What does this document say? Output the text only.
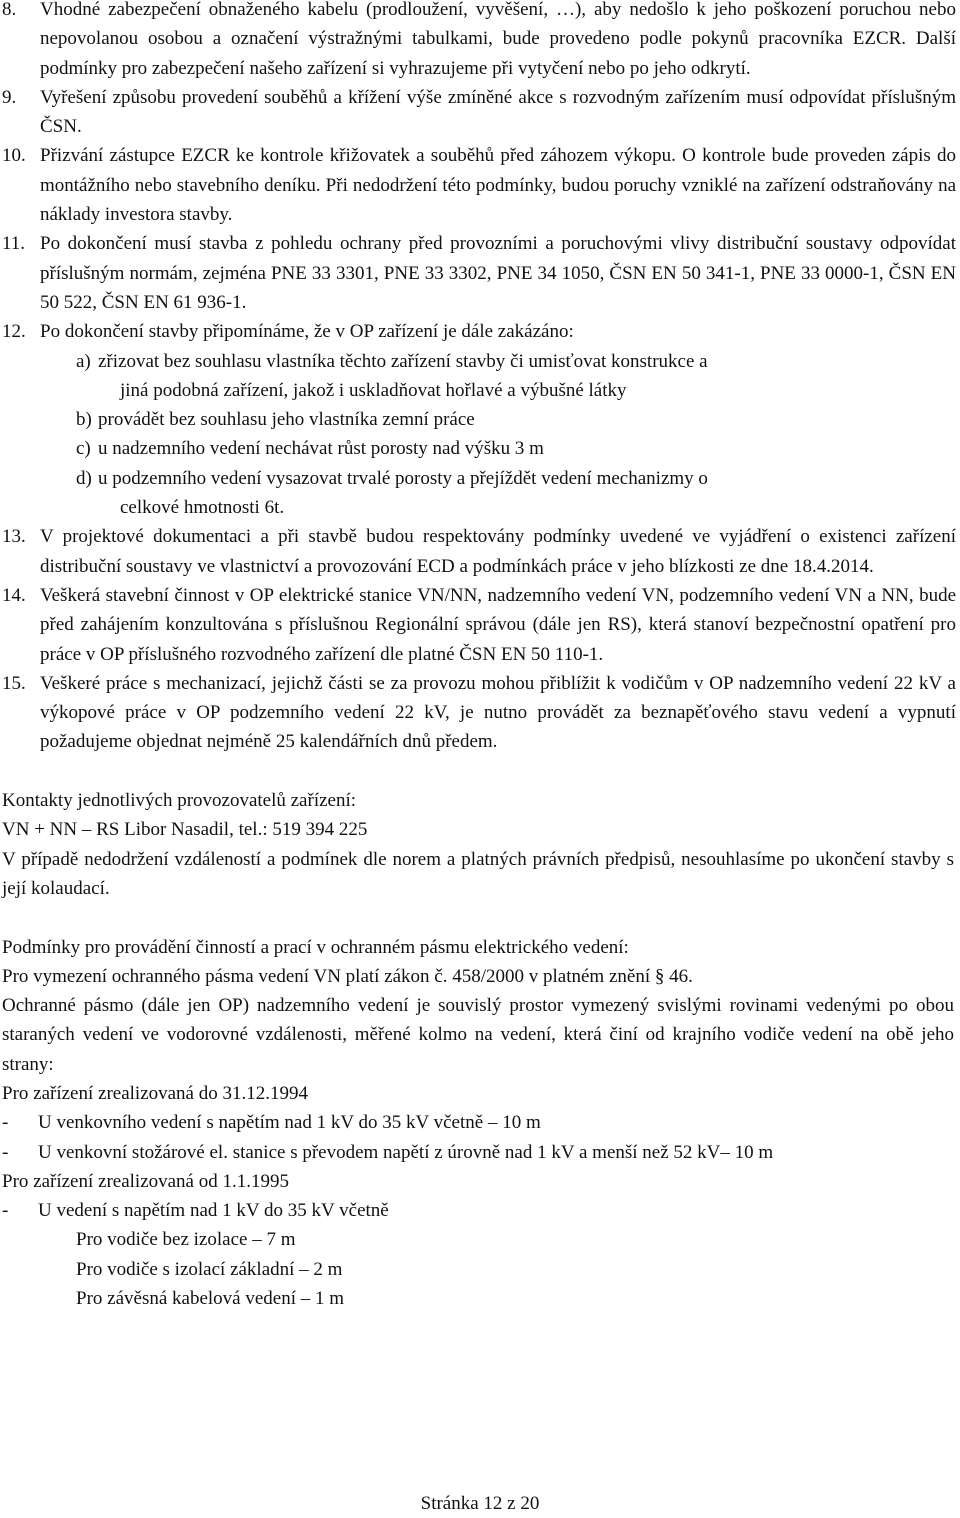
8.	Vhodné zabezpečení obnaženého kabelu (prodloužení, vyvěšení, …), aby nedošlo k jeho poškození poruchou nebo nepovolanou osobou a označení výstražnými tabulkami, bude provedeno podle pokynů pracovníka EZCR. Další podmínky pro zabezpečení našeho zařízení si vyhrazujeme při vytyčení nebo po jeho odkrytí.
9.	Vyřešení způsobu provedení souběhů a křížení výše zmíněné akce s rozvodným zařízením musí odpovídat příslušným ČSN.
10. Přizvání zástupce EZCR ke kontrole křižovatek a souběhů před záhozem výkopu. O kontrole bude proveden zápis do montážního nebo stavebního deníku. Při nedodržení této podmínky, budou poruchy vzniklé na zařízení odstraňovány na náklady investora stavby.
11. Po dokončení musí stavba z pohledu ochrany před provozními a poruchovými vlivy distribuční soustavy odpovídat příslušným normám, zejména PNE 33 3301, PNE 33 3302, PNE 34 1050, ČSN EN 50 341-1, PNE 33 0000-1, ČSN EN 50 522, ČSN EN 61 936-1.
12. Po dokončení stavby připomínáme, že v OP zařízení je dále zakázáno:
a) zřizovat bez souhlasu vlastníka těchto zařízení stavby či umisťovat konstrukce a
jiná podobná zařízení, jakož i uskladňovat hořlavé a výbušné látky
b) provádět bez souhlasu jeho vlastníka zemní práce
c) u nadzemního vedení nechávat růst porosty nad výšku 3 m
d) u podzemního vedení vysazovat trvalé porosty a přejíždět vedení mechanizmy o
celkové hmotnosti 6t.
13. V projektové dokumentaci a při stavbě budou respektovány podmínky uvedené ve vyjádření o existenci zařízení distribuční soustavy ve vlastnictví a provozování ECD a podmínkách práce v jeho blízkosti ze dne 18.4.2014.
14. Veškerá stavební činnost v OP elektrické stanice VN/NN, nadzemního vedení VN, podzemního vedení VN a NN, bude před zahájením konzultována s příslušnou Regionální správou (dále jen RS), která stanoví bezpečnostní opatření pro práce v OP příslušného rozvodného zařízení dle platné ČSN EN 50 110-1.
15. Veškeré práce s mechanizací, jejichž části se za provozu mohou přiblížit k vodičům v OP nadzemního vedení 22 kV a výkopové práce v OP podzemního vedení 22 kV, je nutno provádět za beznapěťového stavu vedení a vypnutí požadujeme objednat nejméně 25 kalendářních dnů předem.

Kontakty jednotlivých provozovatelů zařízení:

VN + NN – RS Libor Nasadil, tel.: 519 394 225

V případě nedodržení vzdáleností a podmínek dle norem a platných právních předpisů, nesouhlasíme po ukončení stavby s její kolaudací.

Podmínky pro provádění činností a prací v ochranném pásmu elektrického vedení:

Pro vymezení ochranného pásma vedení VN platí zákon č. 458/2000 v platném znění § 46.

Ochranné pásmo (dále jen OP) nadzemního vedení je souvislý prostor vymezený svislými rovinami vedenými po obou staraných vedení ve vodorovné vzdálenosti, měřené kolmo na vedení, která činí od krajního vodiče vedení na obě jeho strany:

Pro zařízení zrealizovaná do 31.12.1994

-	U venkovního vedení s napětím nad 1 kV do 35 kV včetně – 10 m
-	U venkovní stožárové el. stanice s převodem napětí z úrovně nad 1 kV a menší než 52 kV– 10 m

Pro zařízení zrealizovaná od 1.1.1995

-	U vedení s napětím nad 1 kV do 35 kV včetně

Pro vodiče bez izolace – 7 m

Pro vodiče s izolací základní – 2 m

Pro závěsná kabelová vedení – 1 m

Stránka 12 z 20
